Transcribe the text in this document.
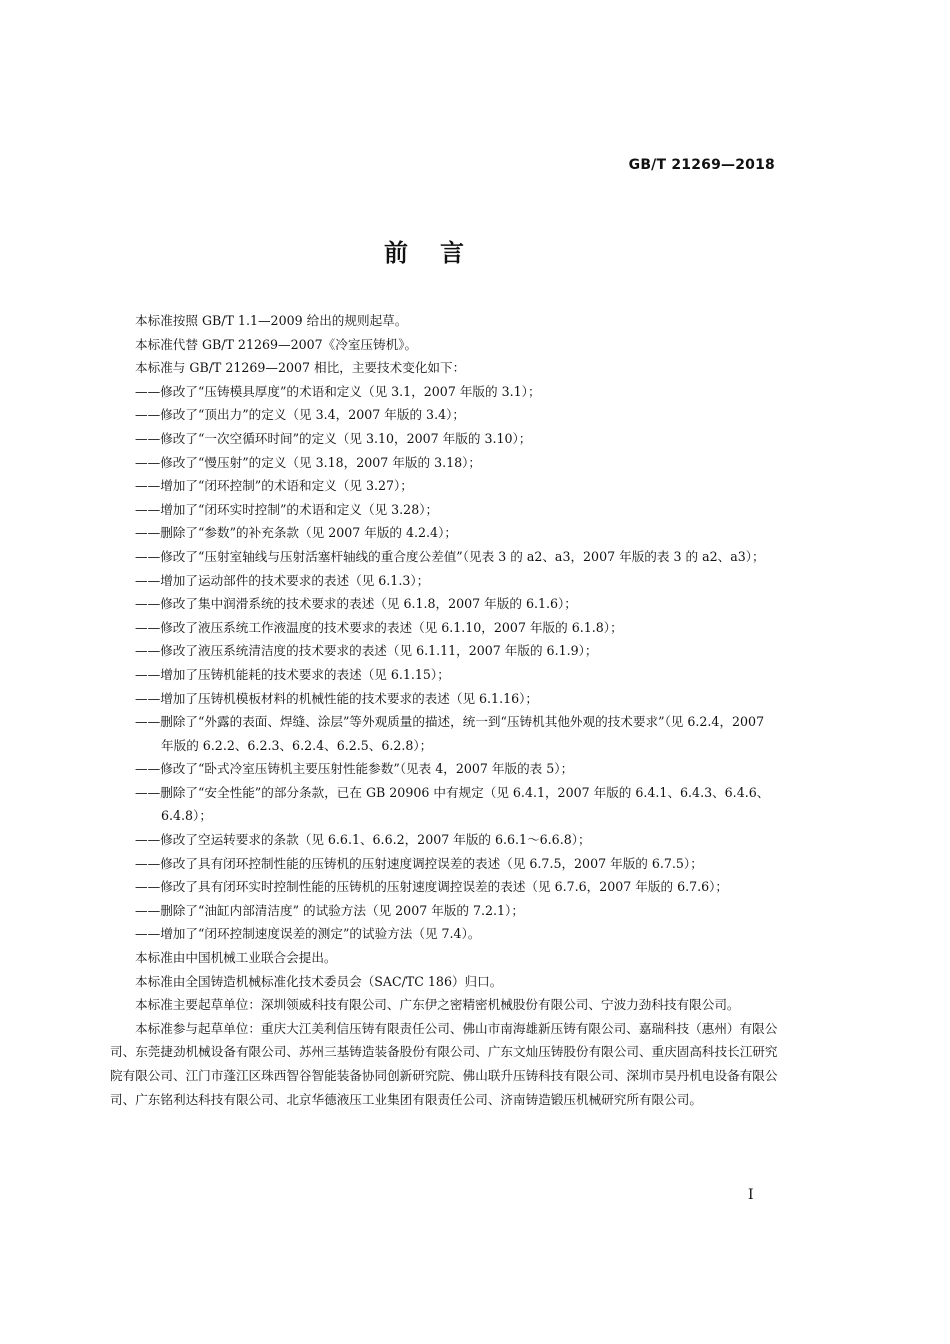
GB/T 21269—2018
前言

本标准按照 GB/T 1.1—2009 给出的规则起草。

本标准代替 GB/T 21269—2007《冷室压铸机》。

本标准与 GB/T 21269—2007 相比，主要技术变化如下：

——修改了“压铸模具厚度”的术语和定义（见 3.1，2007 年版的 3.1）；

——修改了“顶出力”的定义（见 3.4，2007 年版的 3.4）；

——修改了“一次空循环时间”的定义（见 3.10，2007 年版的 3.10）；

——修改了“慢压射”的定义（见 3.18，2007 年版的 3.18）；

——增加了“闭环控制”的术语和定义（见 3.27）；

——增加了“闭环实时控制”的术语和定义（见 3.28）；

——删除了“参数”的补充条款（见 2007 年版的 4.2.4）；

——修改了“压射室轴线与压射活塞杆轴线的重合度公差值”（见表 3 的 a2、a3，2007 年版的表 3 的 a2、a3）；

——增加了运动部件的技术要求的表述（见 6.1.3）；

——修改了集中润滑系统的技术要求的表述（见 6.1.8，2007 年版的 6.1.6）；

——修改了液压系统工作液温度的技术要求的表述（见 6.1.10，2007 年版的 6.1.8）；

——修改了液压系统清洁度的技术要求的表述（见 6.1.11，2007 年版的 6.1.9）；

——增加了压铸机能耗的技术要求的表述（见 6.1.15）；

——增加了压铸机模板材料的机械性能的技术要求的表述（见 6.1.16）；

——删除了“外露的表面、焊缝、涂层”等外观质量的描述，统一到“压铸机其他外观的技术要求”（见 6.2.4，2007 年版的 6.2.2、6.2.3、6.2.4、6.2.5、6.2.8）；

——修改了“卧式冷室压铸机主要压射性能参数”（见表 4，2007 年版的表 5）；

——删除了“安全性能”的部分条款，已在 GB 20906 中有规定（见 6.4.1，2007 年版的 6.4.1、6.4.3、6.4.6、6.4.8）；

——修改了空运转要求的条款（见 6.6.1、6.6.2，2007 年版的 6.6.1～6.6.8）；

——修改了具有闭环控制性能的压铸机的压射速度调控误差的表述（见 6.7.5，2007 年版的 6.7.5）；

——修改了具有闭环实时控制性能的压铸机的压射速度调控误差的表述（见 6.7.6，2007 年版的 6.7.6）；

——删除了“油缸内部清洁度” 的试验方法（见 2007 年版的 7.2.1）；

——增加了“闭环控制速度误差的测定”的试验方法（见 7.4）。

本标准由中国机械工业联合会提出。

本标准由全国铸造机械标准化技术委员会（SAC/TC 186）归口。

本标准主要起草单位：深圳领威科技有限公司、广东伊之密精密机械股份有限公司、宁波力劲科技有限公司。

本标准参与起草单位：重庆大江美利信压铸有限责任公司、佛山市南海雄新压铸有限公司、嘉瑞科技（惠州）有限公司、东莞捷劲机械设备有限公司、苏州三基铸造装备股份有限公司、广东文灿压铸股份有限公司、重庆固高科技长江研究院有限公司、江门市蓬江区珠西智谷智能装备协同创新研究院、佛山联升压铸科技有限公司、深圳市昊丹机电设备有限公司、广东铭利达科技有限公司、北京华德液压工业集团有限责任公司、济南铸造锻压机械研究所有限公司。

I
